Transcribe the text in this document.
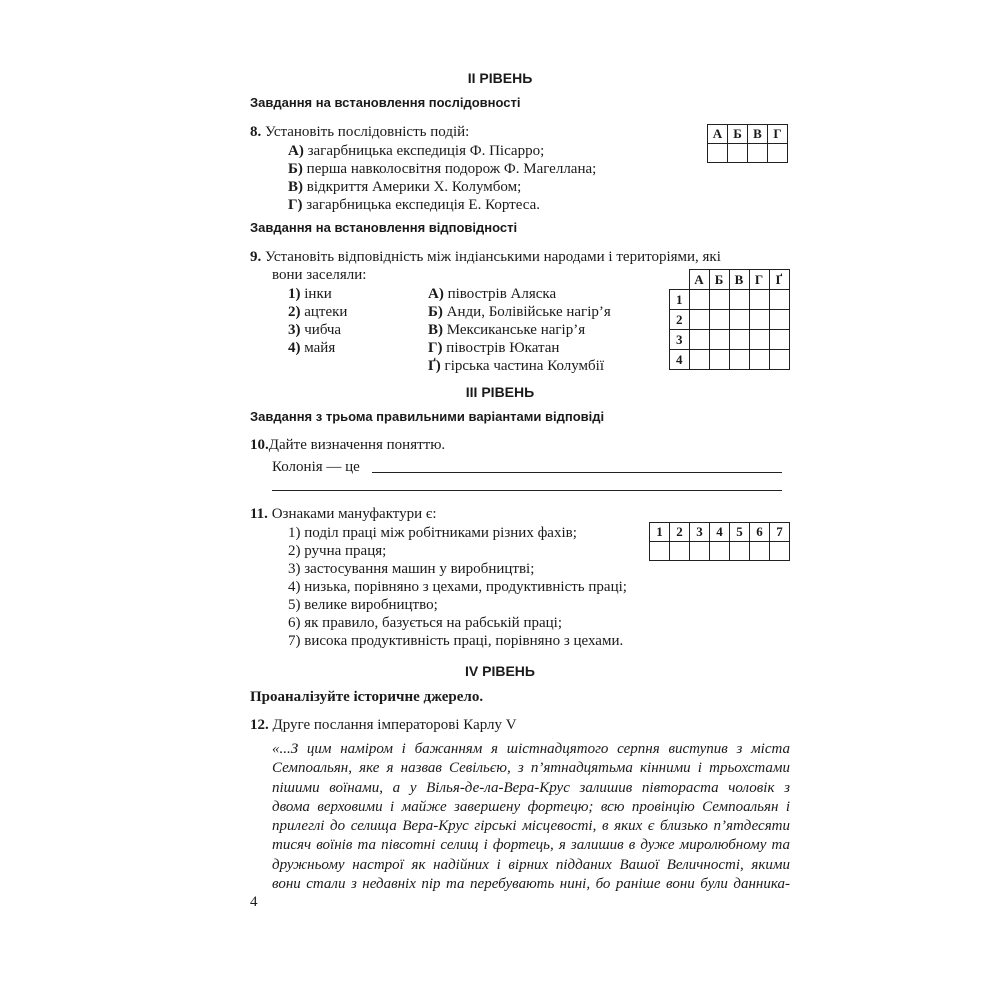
II РІВЕНЬ
Завдання на встановлення послідовності
8. Установіть послідовність подій:
А) загарбницька експедиція Ф. Пісарро;
Б) перша навколосвітня подорож Ф. Магеллана;
В) відкриття Америки Х. Колумбом;
Г) загарбницька експедиція Е. Кортеса.
А	Б	В	Г

Завдання на встановлення відповідності
9. Установіть відповідність між індіанськими народами і територіями, які
вони заселяли:
1) інки
2) ацтеки
3) чибча
4) майя
А) півострів Аляска
Б) Анди, Болівійське нагір’я
В) Мексиканське нагір’я
Г) півострів Юкатан
Ґ) гірська частина Колумбії
	А	Б	В	Г	Ґ
1					
2					
3					
4					
III РІВЕНЬ
Завдання з трьома правильними варіантами відповіді
10.Дайте визначення поняттю.
Колонія — це
11. Ознаками мануфактури є:
1) поділ праці між робітниками різних фахів;
2) ручна праця;
3) застосування машин у виробництві;
4) низька, порівняно з цехами, продуктивність праці;
5) велике виробництво;
6) як правило, базується на рабській праці;
7) висока продуктивність праці, порівняно з цехами.
1	2	3	4	5	6	7

IV РІВЕНЬ
Проаналізуйте історичне джерело.
12. Друге послання імператорові Карлу V
«...З цим наміром і бажанням я шістнадцятого серпня виступив з міста
Семпоальян, яке я назвав Севільєю, з п’ятнадцятьма кінними і трьохстами
пішими воїнами, а у Вілья-де-ла-Вера-Крус залишив півтораста чоловік з
двома верховими і майже завершену фортецю; всю провінцію Семпоальян і
прилеглі до селища Вера-Крус гірські місцевості, в яких є близько п’ятдесяти
тисяч воїнів та півсотні селищ і фортець, я залишив в дуже миролюбному та
дружньому настрої як надійних і вірних підданих Вашої Величності, якими
вони стали з недавніх пір та перебувають нині, бо раніше вони були данника-
4
